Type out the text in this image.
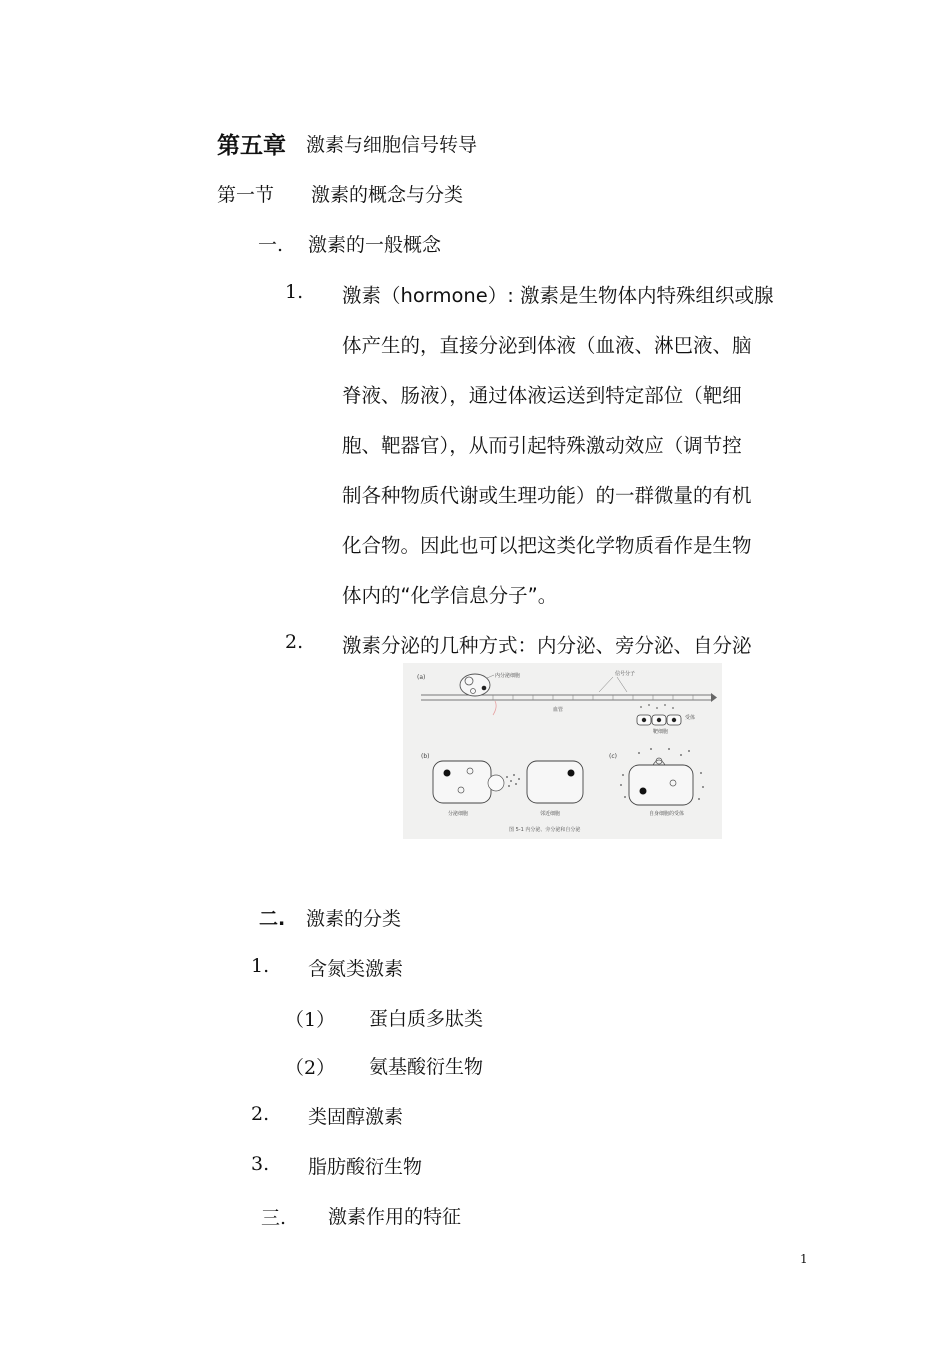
第五章 激素与细胞信号转导
第一节 激素的概念与分类
一. 激素的一般概念
1. 激素（hormone）: 激素是生物体内特殊组织或腺
体产生的，直接分泌到体液（血液、淋巴液、脑
脊液、肠液），通过体液运送到特定部位（靶细
胞、靶器官），从而引起特殊激动效应（调节控
制各种物质代谢或生理功能）的一群微量的有机
化合物。因此也可以把这类化学物质看作是生物
体内的“化学信息分子”。
2. 激素分泌的几种方式：内分泌、旁分泌、自分泌
(a)	内分泌细胞	信号分子
血管
受体
靶细胞
(b)
分泌细胞	邻近细胞
(c)
自身细胞的受体
图 5-1 内分泌、旁分泌和自分泌
二. 激素的分类
1. 含氮类激素
（1） 蛋白质多肽类
（2） 氨基酸衍生物
2. 类固醇激素
3. 脂肪酸衍生物
三. 激素作用的特征
1
